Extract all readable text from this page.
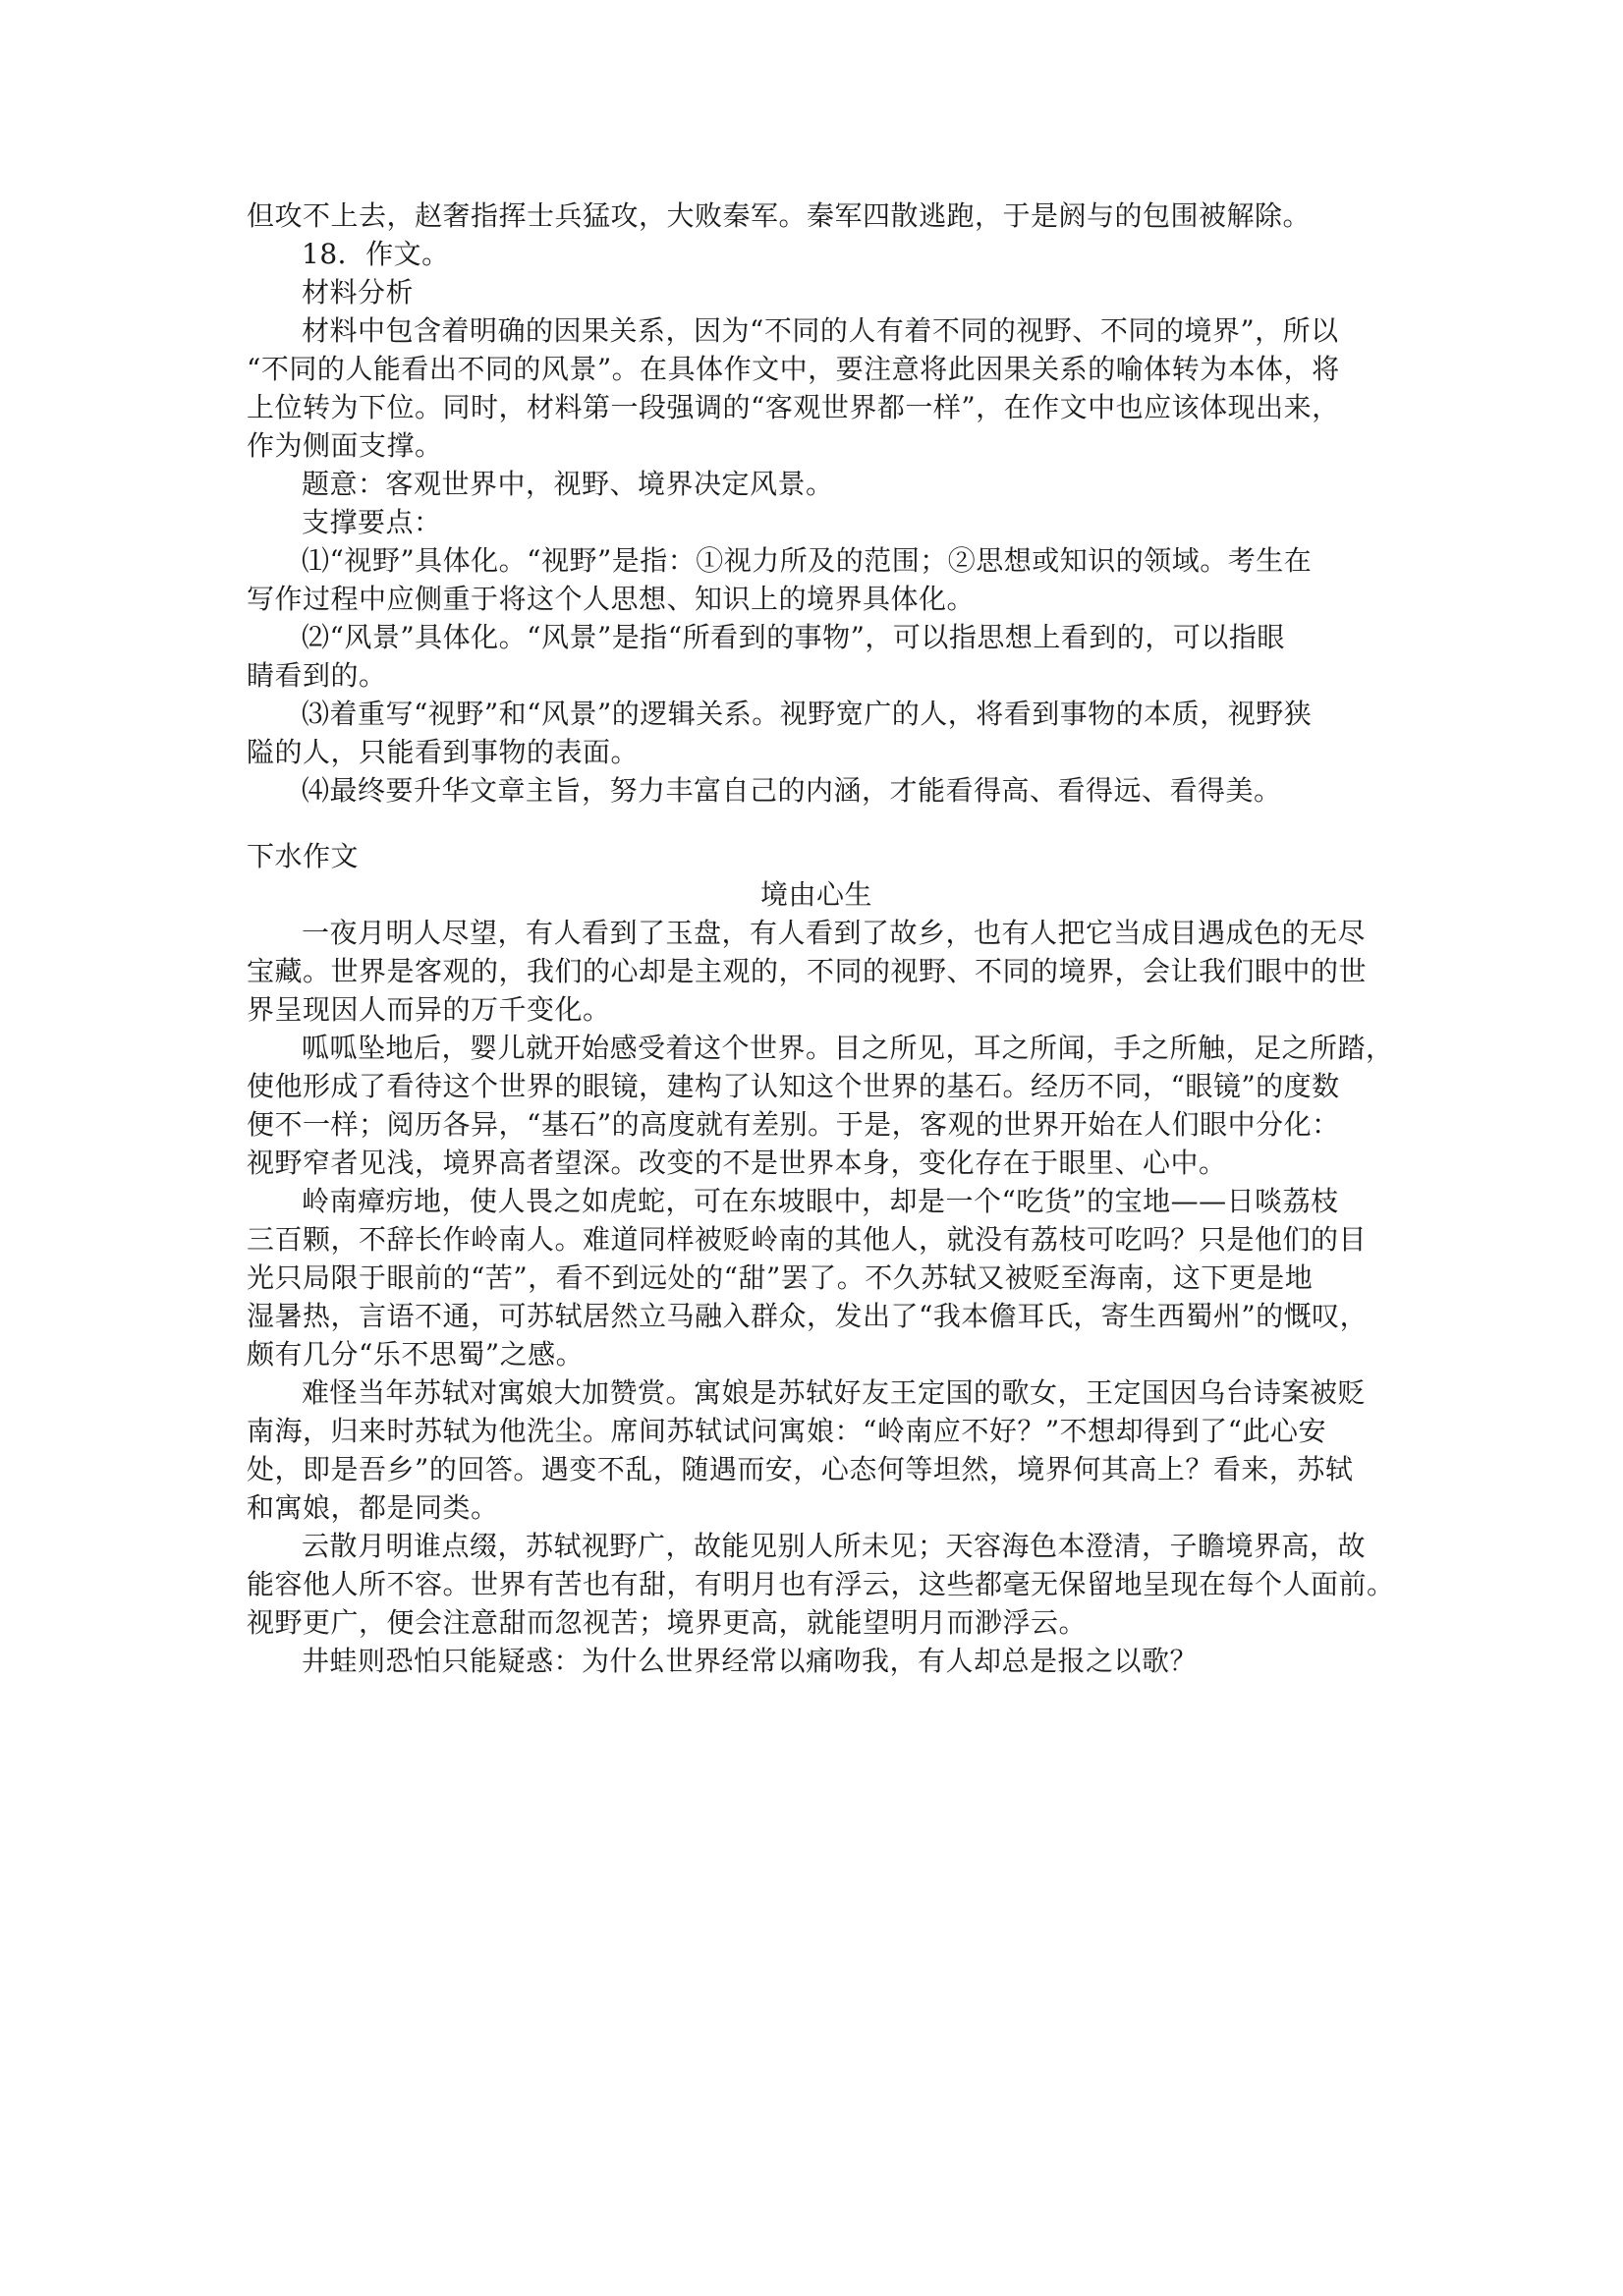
但攻不上去，赵奢指挥士兵猛攻，大败秦军。秦军四散逃跑，于是阏与的包围被解除。
18．作文。
材料分析
材料中包含着明确的因果关系，因为“不同的人有着不同的视野、不同的境界”，所以
“不同的人能看出不同的风景”。在具体作文中，要注意将此因果关系的喻体转为本体，将
上位转为下位。同时，材料第一段强调的“客观世界都一样”，在作文中也应该体现出来，
作为侧面支撑。
题意：客观世界中，视野、境界决定风景。
支撑要点：
⑴“视野”具体化。“视野”是指：①视力所及的范围；②思想或知识的领域。考生在
写作过程中应侧重于将这个人思想、知识上的境界具体化。
⑵“风景”具体化。“风景”是指“所看到的事物”，可以指思想上看到的，可以指眼
睛看到的。
⑶着重写“视野”和“风景”的逻辑关系。视野宽广的人，将看到事物的本质，视野狭
隘的人，只能看到事物的表面。
⑷最终要升华文章主旨，努力丰富自己的内涵，才能看得高、看得远、看得美。
下水作文
境由心生
一夜月明人尽望，有人看到了玉盘，有人看到了故乡，也有人把它当成目遇成色的无尽
宝藏。世界是客观的，我们的心却是主观的，不同的视野、不同的境界，会让我们眼中的世
界呈现因人而异的万千变化。
呱呱坠地后，婴儿就开始感受着这个世界。目之所见，耳之所闻，手之所触，足之所踏，
使他形成了看待这个世界的眼镜，建构了认知这个世界的基石。经历不同，“眼镜”的度数
便不一样；阅历各异，“基石”的高度就有差别。于是，客观的世界开始在人们眼中分化：
视野窄者见浅，境界高者望深。改变的不是世界本身，变化存在于眼里、心中。
岭南瘴疠地，使人畏之如虎蛇，可在东坡眼中，却是一个“吃货”的宝地——日啖荔枝
三百颗，不辞长作岭南人。难道同样被贬岭南的其他人，就没有荔枝可吃吗？只是他们的目
光只局限于眼前的“苦”，看不到远处的“甜”罢了。不久苏轼又被贬至海南，这下更是地
湿暑热，言语不通，可苏轼居然立马融入群众，发出了“我本儋耳氏，寄生西蜀州”的慨叹，
颇有几分“乐不思蜀”之感。
难怪当年苏轼对寓娘大加赞赏。寓娘是苏轼好友王定国的歌女，王定国因乌台诗案被贬
南海，归来时苏轼为他洗尘。席间苏轼试问寓娘：“岭南应不好？”不想却得到了“此心安
处，即是吾乡”的回答。遇变不乱，随遇而安，心态何等坦然，境界何其高上？看来，苏轼
和寓娘，都是同类。
云散月明谁点缀，苏轼视野广，故能见别人所未见；天容海色本澄清，子瞻境界高，故
能容他人所不容。世界有苦也有甜，有明月也有浮云，这些都毫无保留地呈现在每个人面前。
视野更广，便会注意甜而忽视苦；境界更高，就能望明月而渺浮云。
井蛙则恐怕只能疑惑：为什么世界经常以痛吻我，有人却总是报之以歌？
